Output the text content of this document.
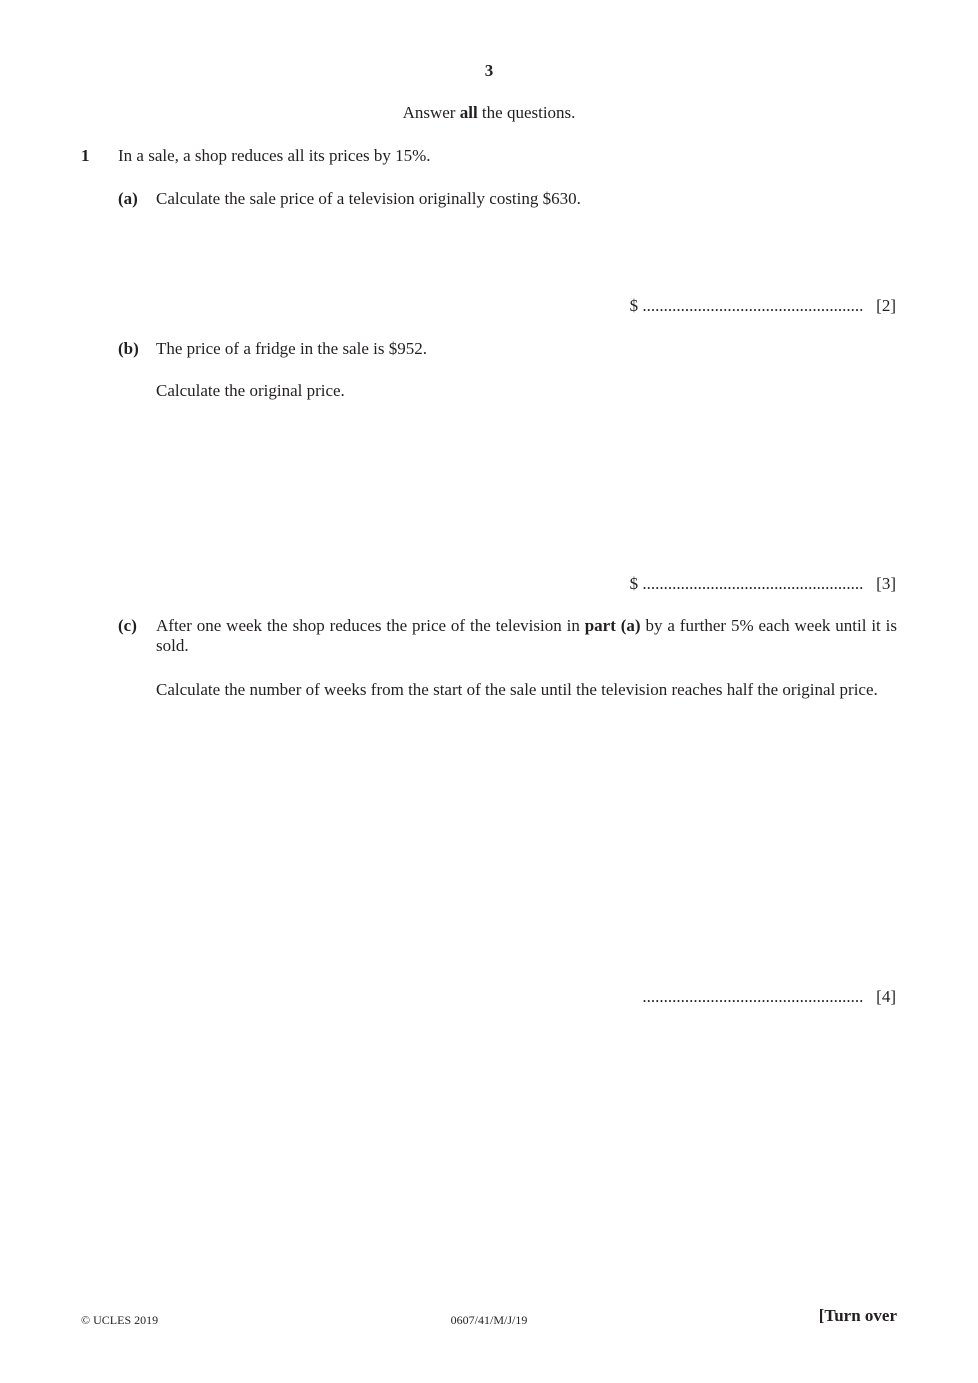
3
Answer all the questions.
1 In a sale, a shop reduces all its prices by 15%.
(a) Calculate the sale price of a television originally costing $630.
$ .................................................... [2]
(b) The price of a fridge in the sale is $952.
Calculate the original price.
$ .................................................... [3]
(c) After one week the shop reduces the price of the television in part (a) by a further 5% each week until it is sold.
Calculate the number of weeks from the start of the sale until the television reaches half the original price.
.................................................... [4]
© UCLES 2019	0607/41/M/J/19	[Turn over
